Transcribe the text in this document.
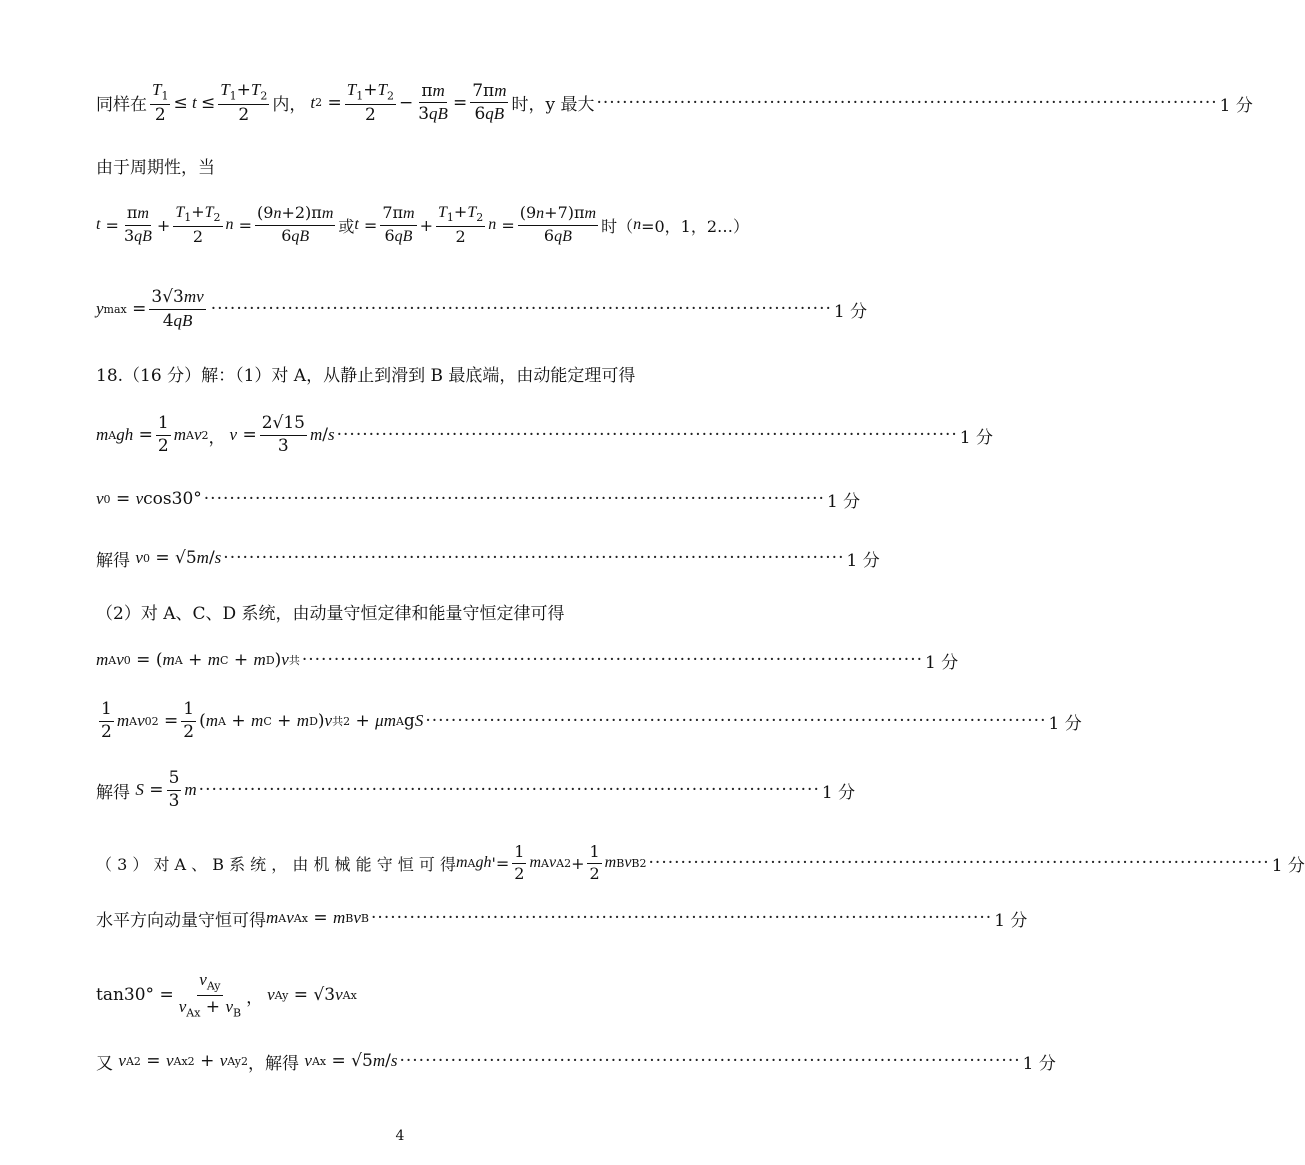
同样在 $\frac{T_1}{2} \le t \le \frac{T_1+T_2}{2}$ 内， t $2 = \frac{T_1+T_2}{2} - \frac{\pi m}{3qB} = \frac{7\pi m}{6qB}$ 时，y 最大 ································································································· 1 分
由于周期性，当
$t = \frac{\pi m}{3qB} + \frac{T_1+T_2}{2}$ $n = \frac{(9n+2)\pi m}{6qB}$ 或 $t = \frac{7\pi m}{6qB} + \frac{T_1+T_2}{2}$ $n = \frac{(9n+7)\pi m}{6qB}$ 时（ n =0，1，2…）
y $\max = \frac{3√3mv}{4qB}$ ································································································· 1 分
18.（16 分）解：（1）对 A，从静止到滑到 B 最底端，由动能定理可得
m A gh = $\frac{1}{2}$ m A v 2 ， $v = \frac{2√15}{3}$ m / s ································································································· 1 分
v 0 = v cos30° ································································································· 1 分
解得
v 0 = √5 m / s ································································································· 1 分
（2）对 A、C、D 系统，由动量守恒定律和能量守恒定律可得
m A v 0 = ( m A + m C + m D ) v 共 ································································································· 1 分
$\frac{1}{2}$ m A v 0 $2 = \frac{1}{2}$ ( m A + m C + m D ) v 共 2 + μm A g S ································································································· 1 分
解得
$S = \frac{5}{3}$ m ································································································· 1 分
（ 3 ） 对 A 、 B 系 统 ， 由 机 械 能 守 恒 可 得 m A gh '= $\frac{1}{2}$ m A v A $2 + \frac{1}{2}$ m B v B 2 ································································································· 1 分
水平方向动量守恒可得 m A v Ax = m B v B ································································································· 1 分
$\tan 30^\circ = \frac{v_{Ay}}{v_{Ax} + v_B}$ ， v Ay = √3 v Ax
又
v A 2 = v Ax 2 + v Ay 2 ，解得
v Ax = √5 m / s ································································································· 1 分
4
